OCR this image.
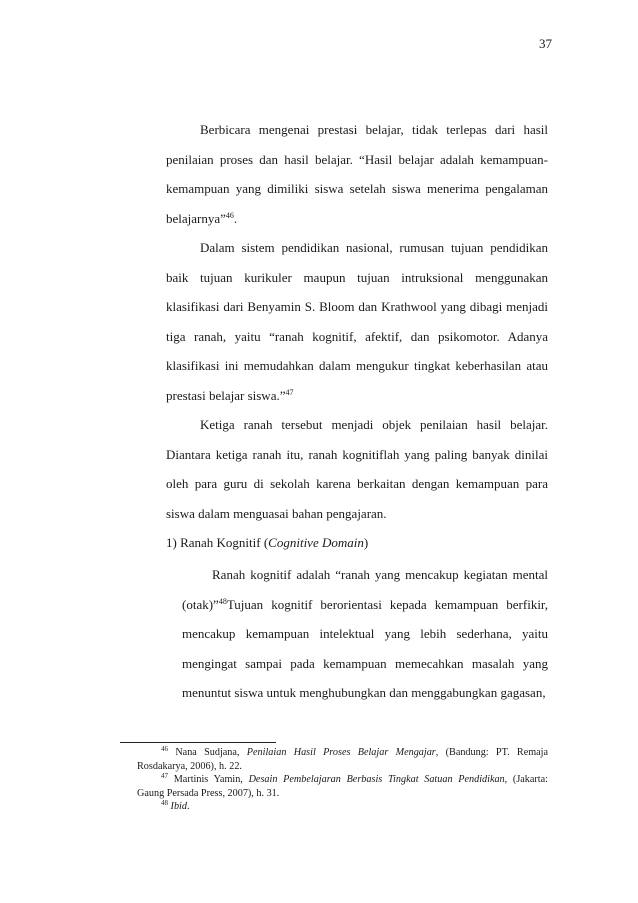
37

Berbicara mengenai prestasi belajar, tidak terlepas dari hasil penilaian proses dan hasil belajar. “Hasil belajar adalah kemampuan-kemampuan yang dimiliki siswa setelah siswa menerima pengalaman belajarnya”$^{46}$.

Dalam sistem pendidikan nasional, rumusan tujuan pendidikan baik tujuan kurikuler maupun tujuan intruksional menggunakan klasifikasi dari Benyamin S. Bloom dan Krathwool yang dibagi menjadi tiga ranah, yaitu “ranah kognitif, afektif, dan psikomotor. Adanya klasifikasi ini memudahkan dalam mengukur tingkat keberhasilan atau prestasi belajar siswa.”$^{47}$

Ketiga ranah tersebut menjadi objek penilaian hasil belajar. Diantara ketiga ranah itu, ranah kognitiflah yang paling banyak dinilai oleh para guru di sekolah karena berkaitan dengan kemampuan para siswa dalam menguasai bahan pengajaran.

1) Ranah Kognitif (Cognitive Domain)

Ranah kognitif adalah “ranah yang mencakup kegiatan mental (otak)”$^{48}$Tujuan kognitif berorientasi kepada kemampuan berfikir, mencakup kemampuan intelektual yang lebih sederhana, yaitu mengingat sampai pada kemampuan memecahkan masalah yang menuntut siswa untuk menghubungkan dan menggabungkan gagasan,

$^{46}$ Nana Sudjana, Penilaian Hasil Proses Belajar Mengajar, (Bandung: PT. Remaja Rosdakarya, 2006), h. 22.

$^{47}$ Martinis Yamin, Desain Pembelajaran Berbasis Tingkat Satuan Pendidikan, (Jakarta: Gaung Persada Press, 2007), h. 31.

$^{48}$ Ibid.
